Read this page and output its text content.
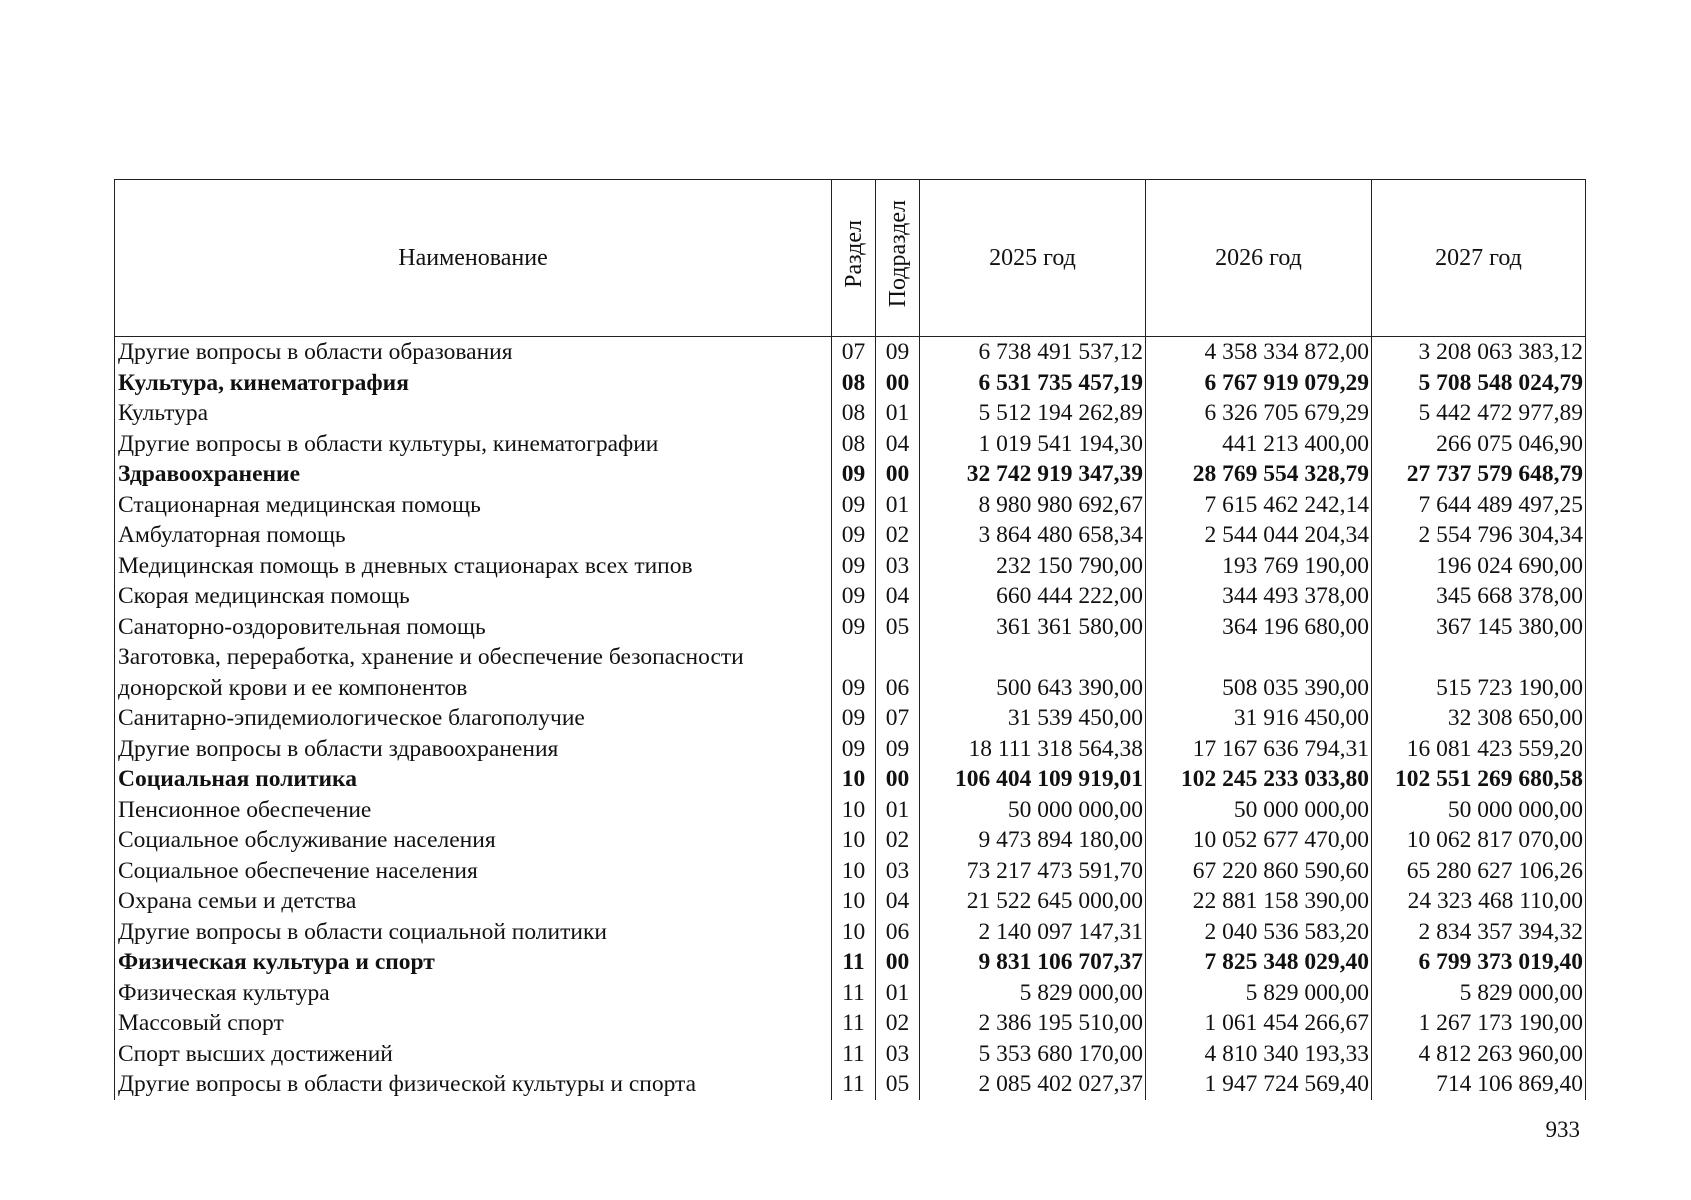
Наименование	Раздел	Подраздел	2025 год	2026 год	2027 год
Другие вопросы в области образования	07	09	6 738 491 537,12	4 358 334 872,00	3 208 063 383,12
Культура, кинематография	08	00	6 531 735 457,19	6 767 919 079,29	5 708 548 024,79
Культура	08	01	5 512 194 262,89	6 326 705 679,29	5 442 472 977,89
Другие вопросы в области культуры, кинематографии	08	04	1 019 541 194,30	441 213 400,00	266 075 046,90
Здравоохранение	09	00	32 742 919 347,39	28 769 554 328,79	27 737 579 648,79
Стационарная медицинская помощь	09	01	8 980 980 692,67	7 615 462 242,14	7 644 489 497,25
Амбулаторная помощь	09	02	3 864 480 658,34	2 544 044 204,34	2 554 796 304,34
Медицинская помощь в дневных стационарах всех типов	09	03	232 150 790,00	193 769 190,00	196 024 690,00
Скорая медицинская помощь	09	04	660 444 222,00	344 493 378,00	345 668 378,00
Санаторно-оздоровительная помощь	09	05	361 361 580,00	364 196 680,00	367 145 380,00
Заготовка, переработка, хранение и обеспечение безопасности					
донорской крови и ее компонентов	09	06	500 643 390,00	508 035 390,00	515 723 190,00
Санитарно-эпидемиологическое благополучие	09	07	31 539 450,00	31 916 450,00	32 308 650,00
Другие вопросы в области здравоохранения	09	09	18 111 318 564,38	17 167 636 794,31	16 081 423 559,20
Социальная политика	10	00	106 404 109 919,01	102 245 233 033,80	102 551 269 680,58
Пенсионное обеспечение	10	01	50 000 000,00	50 000 000,00	50 000 000,00
Социальное обслуживание населения	10	02	9 473 894 180,00	10 052 677 470,00	10 062 817 070,00
Социальное обеспечение населения	10	03	73 217 473 591,70	67 220 860 590,60	65 280 627 106,26
Охрана семьи и детства	10	04	21 522 645 000,00	22 881 158 390,00	24 323 468 110,00
Другие вопросы в области социальной политики	10	06	2 140 097 147,31	2 040 536 583,20	2 834 357 394,32
Физическая культура и спорт	11	00	9 831 106 707,37	7 825 348 029,40	6 799 373 019,40
Физическая культура	11	01	5 829 000,00	5 829 000,00	5 829 000,00
Массовый спорт	11	02	2 386 195 510,00	1 061 454 266,67	1 267 173 190,00
Спорт высших достижений	11	03	5 353 680 170,00	4 810 340 193,33	4 812 263 960,00
Другие вопросы в области физической культуры и спорта	11	05	2 085 402 027,37	1 947 724 569,40	714 106 869,40
933
